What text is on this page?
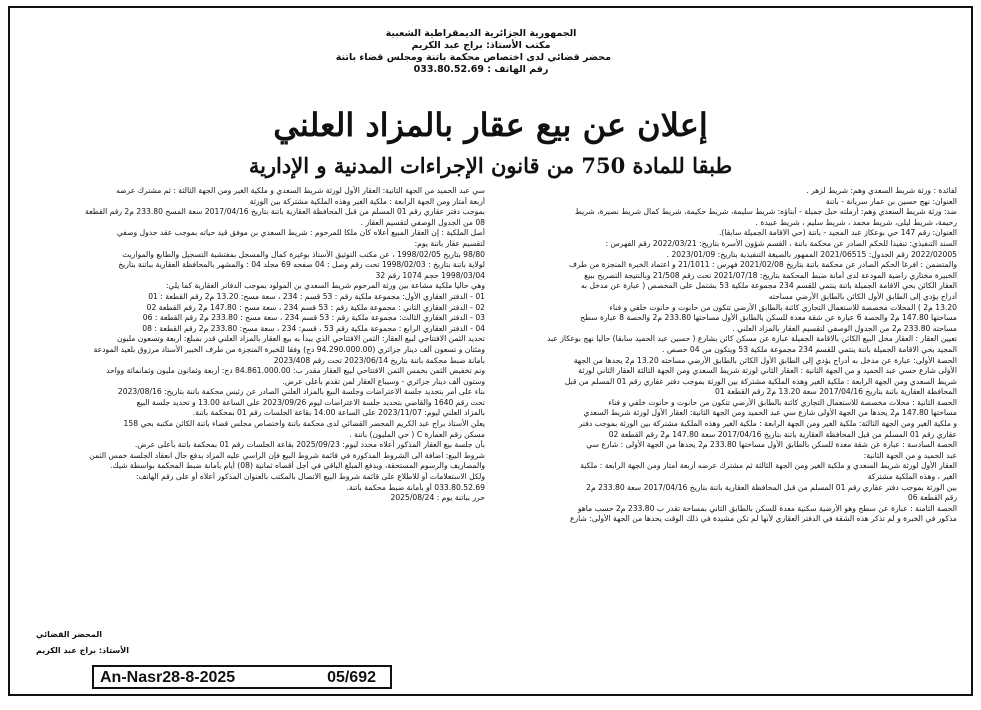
الجمهورية الجزائرية الديمقراطية الشعبية
مكتب الأستاذ: براج عبد الكريم
محضر قضائي لدى اختصاص محكمة باتنة ومجلس قضاء باتنة
رقم الهاتف : 033.80.52.69
إعلان عن بيع عقار بالمزاد العلني
طبقا للمادة 750 من قانون الإجراءات المدنية و الإدارية

لفائدة : ورثة شريط السعدي وهم: شريط لزهر .

العنوان: نهج حسين بن عمار سريانة - باتنة

ضد: ورثة شريط السعدي وهم: أرملته حبل جميلة - أبناؤه: شريط سليمة، شريط حكيمة، شريط كمال شريط نصيرة، شريط

رحيمة، شريط ليلى، شريط محمد ، شريط سليم ، شريط عبيدة .

العنوان: رقم 147 حي بوعكاز عبد المجيد - باتنة (حي الاقامة الجميلة سابقا).

السند التنفيذي: تنفيذا للحكم الصادر عن محكمة باتنة ، القسم شؤون الأسرة بتاريخ: 2022/03/21 رقم الفهرس :

2022/02005 رقم الجدول: 2021/06515 الممهور بالصيغة التنفيذية بتاريخ: 2023/01/09 .

والمتضمن : افرغا الحكم الصادر عن محكمة باتنة بتاريخ 2021/02/08 فهرس : 21/1011 و اعتماد الخبرة المنجزة من طرف

الخبيرة مختاري راضية المودعة لدى أمانة ضبط المحكمة بتاريخ: 2021/07/18 تحت رقم 21/508 وبالنتيجة التصريح ببيع

العقار الكائن بحي الاقامة الجميلة باتنة ينتمي للقسم 234 مجموعة ملكية 53 بشتمل على المحصص ( عبارة عن مدخل به

أدراج يؤدي إلى الطابق الأول الكائن بالطابق الأرضي مساحته

13.20 م2 ) المحلات مخصصة للاستعمال التجاري كائنة بالطابق الأرضي تتكون من حانوت و حانوت خلفي و فناء

مساحتها 147.80 م2 والحصة 6 عبارة عن شقة معدة للسكن بالطابق الأول مساحتها 233.80 م2 والحصة 8 عبارة سطح

مساحته 233.80 م2 من الجدول الوصفي لتقسيم العقار بالمزاد العلني .

تعيين العقار : العقار محل البيع الكائن بالاقامة الجميلة عبارة عن مسكن كائن بشارع ( حسين عبد الحميد سابقا) حاليا نهج بوعكاز عبد

المجيد بحي الاقامة الجميلة باتنة ينتمي للقسم 234 مجموعة ملكية 53 ويتكون من 04 حصص .

الحصة الأولى: عبارة عن مدخل به أدراج يؤدي إلى الطابق الأول الكائن بالطابق الأرضي مساحته 13.20 م2 يحدها من الجهة

الأولى شارع حسي عبد الحميد و من الجهة الثانية : العقار الثاني لورثة شريط السعدي ومن الجهة الثالثة العقار الثاني لورثة

شريط السعدي ومن الجهة الرابعة : ملكية الغير وهذه الملكية مشتركة بين الورثة بموجب دفتر عقاري رقم 01 المسلم من قبل

المحافظة العقارية باتنة بتاريخ 2017/04/16 سعة 13.20 م2 رقم القطعة 01

الحصة الثانية : محلات مخصصة للاستعمال التجاري كائنة بالطابق الأرضي تتكون من حانوت و حانوت خلفي و فناء

مساحتها 147.80 م2 يحدها من الجهة الأولى شارع سي عبد الحميد ومن الجهة الثانية: العقار الأول لورثة شريط السعدي

و ملكية الغير ومن الجهة الثالثة: ملكية الغير ومن الجهة الرابعة : ملكية الغير وهذه الملكية مشتركة بين الورثة بموجب دفتر

عقاري رقم 01 المسلم من قبل المحافظة العقارية باتنة بتاريخ 2017/04/16 سعة 147.80 م2 رقم القطعة 02

الحصة السادسة : عبارة عن شقة معدة للسكن بالطابق الأول مساحتها 233.80 م2 يحدها من الجهة الأولى : شارع سي

عبد الحميد و من الجهة الثانية:

العقار الأول لورثة شريط السعدي و ملكية الغير ومن الجهة الثالثة ثم مشترك عرضه أربعة أمتار ومن الجهة الرابعة : ملكية

الغير ، وهذه الملكية مشتركة

بين الورثة بموجب دفتر عقاري رقم 01 المسلم من قبل المحافظة العقارية باتنة بتاريخ 2017/04/16 سعة 233.80 م2

رقم القطعة 06

الحصة الثامنة : عبارة عن سطح وهو الأرضية سكنية معدة للسكن بالطابق الثاني بمساحة تقدر ب 233.80 م2 حسب ماهو

مذكور في الخبرة و لم تذكر هذه الشقة في الدفتر العقاري لأنها لم تكن مشيدة في ذلك الوقت يحدها من الجهة الأولى: شارع

سي عبد الحميد من الجهة الثانية: العقار الأول لورثة شريط السعدي و ملكية الغير ومن الجهة الثالثة : ثم مشترك عرضه

أربعة أمتار ومن الجهة الرابعة : ملكية الغير وهذه الملكية مشتركة بين الورثة

بموجب دفتر عقاري رقم 01 المسلم من قبل المحافظة العقارية باتنة بتاريخ 2017/04/16 سعة المسح 233.80 م2 رقم القطعة

08 من الجدول الوصفي لتقسيم العقار .

أصل الملكية : إن العقار المبيع أعلاه كان ملكا للمرحوم : شريط السعدي بن موفق قيد حياته بموجب عقد جدول وصفي

لتقسيم عقار باتنة يوم:

98/80 بتاريخ 1998/02/05 ، عن مكتب التوثيق الأستاذ بوغيرة كمال والمسجل بمفتشية التسجيل والطابع والمواريث

لولاية باتنة بتاريخ : 1998/02/03 تحت رقم وصل : 04 صفحه 69 مجلد 04 : والمشهر بالمحافظة العقارية بباتنة بتاريخ

1998/03/04 حجم 1074 رقم 32

وهي حاليا ملكية مشاعة بين ورثة المرحوم شريط السعدي بن المولود بموجب الدفاتر العقارية كما يلي:

01 - الدفتر العقاري الأول: مجموعة ملكية رقم : 53 قسم : 234 ، سعة مسح: 13.20 م2 رقم القطعة : 01

02 - الدفتر العقاري الثاني : مجموعة ملكية رقم : 53 قسم 234 ، سعة مسح : 147.80 م2 رقم القطعة 02

03 - الدفتر العقاري الثالث: مجموعة ملكية رقم : 53 قسم 234 ، سعة مسح : 233.80 م2 رقم القطعة : 06

04 - الدفتر العقاري الرابع : مجموعة ملكية رقم 53 ، قسم: 234 ، سعة مسح: 233.80 م2 رقم القطعة : 08

تحديد الثمن الافتتاحي لبيع العقار: الثمن الافتتاحي الذي يبدأ به بيع العقار بالمزاد العلني قدر بمبلغ: أربعة وتسعون مليون

ومئتان و تسعون ألف دينار جزائري (94.290.000.00 دج) وفقا للخبرة المنجزة من طرف الخبير الأستاذ مرزوق بلعيد المودعة

بأمانة ضبط محكمة باتنة بتاريخ 2023/06/14 تحت رقم 2023/408

وتم تخفيض الثمن بخمس الثمن الافتتاحي لبيع العقار مقدر ب: 84.861.000.00 دج: أربعة وثمانون مليون وثمانمائة وواحد

وستون ألف دينار جزائري - وسيباع العقار لمن تقدم بأعلى عرض.

بناء على أمر بتحديد جلسة الاعتراضات وجلسة البيع بالمزاد العلني الصادر عن رئيس محكمة باتنة بتاريخ: 2023/08/16

تحت رقم 1640 والقاضي بتحديد جلسة الاعتراضات ليوم 2023/09/26 على الساعة 13.00 و تحديد جلسة البيع

بالمزاد العلني ليوم: 2023/11/07 على الساعة 14.00 بقاعة الجلسات رقم 01 بمحكمة باتنة.

يعلن الأستاذ براج عبد الكريم المحضر القضائي لدى محكمة باتنة واختصاص مجلس قضاء باتنة الكائن مكتبه بحي 158

مسكن رقم العمارة C ( حي المليون) باتنة .

بأن جلسة بيع العقار المذكور أعلاه محدد ليوم: 2025/09/23 بقاعة الجلسات رقم 01 بمحكمة باتنة بأعلى عرض.

شروط البيع: اضافة الى الشروط المذكورة في قائمة شروط البيع فإن الراسي عليه المزاد يدفع حال انعقاد الجلسة خمس الثمن

والمصاريف والرسوم المستحقة، ويدفع المبلغ الباقي في أجل أقصاه ثمانية (08) أيام بأمانة ضبط المحكمة بواسطة شيك.

ولكل الاستعلامات أو للاطلاع على قائمة شروط البيع الاتصال بالمكتب بالعنوان المذكور أعلاه أو على رقم الهاتف:

033.80.52.69 أو بأمانة ضبط محكمة باتنة.

حرر بباتنة يوم : 2025/08/24

المحضر القضائي
الأستاذ: براج عبد الكريم
An-Nasr28-8-2025	05/692
